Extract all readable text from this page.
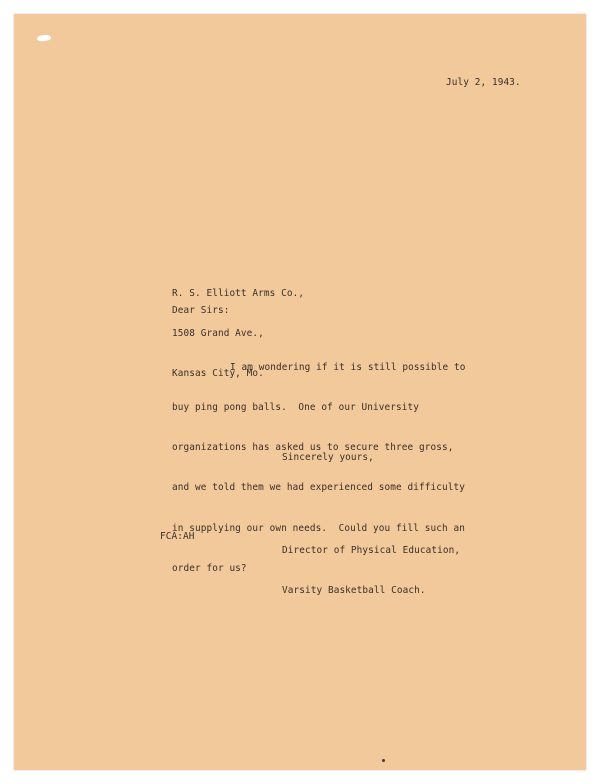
July 2, 1943.

R. S. Elliott Arms Co.,

1508 Grand Ave.,

Kansas City, Mo.

Dear Sirs:

I am wondering if it is still possible to

buy ping pong balls.  One of our University

organizations has asked us to secure three gross,

and we told them we had experienced some difficulty

in supplying our own needs.  Could you fill such an

order for us?

Sincerely yours,

Director of Physical Education,

Varsity Basketball Coach.

FCA:AH
